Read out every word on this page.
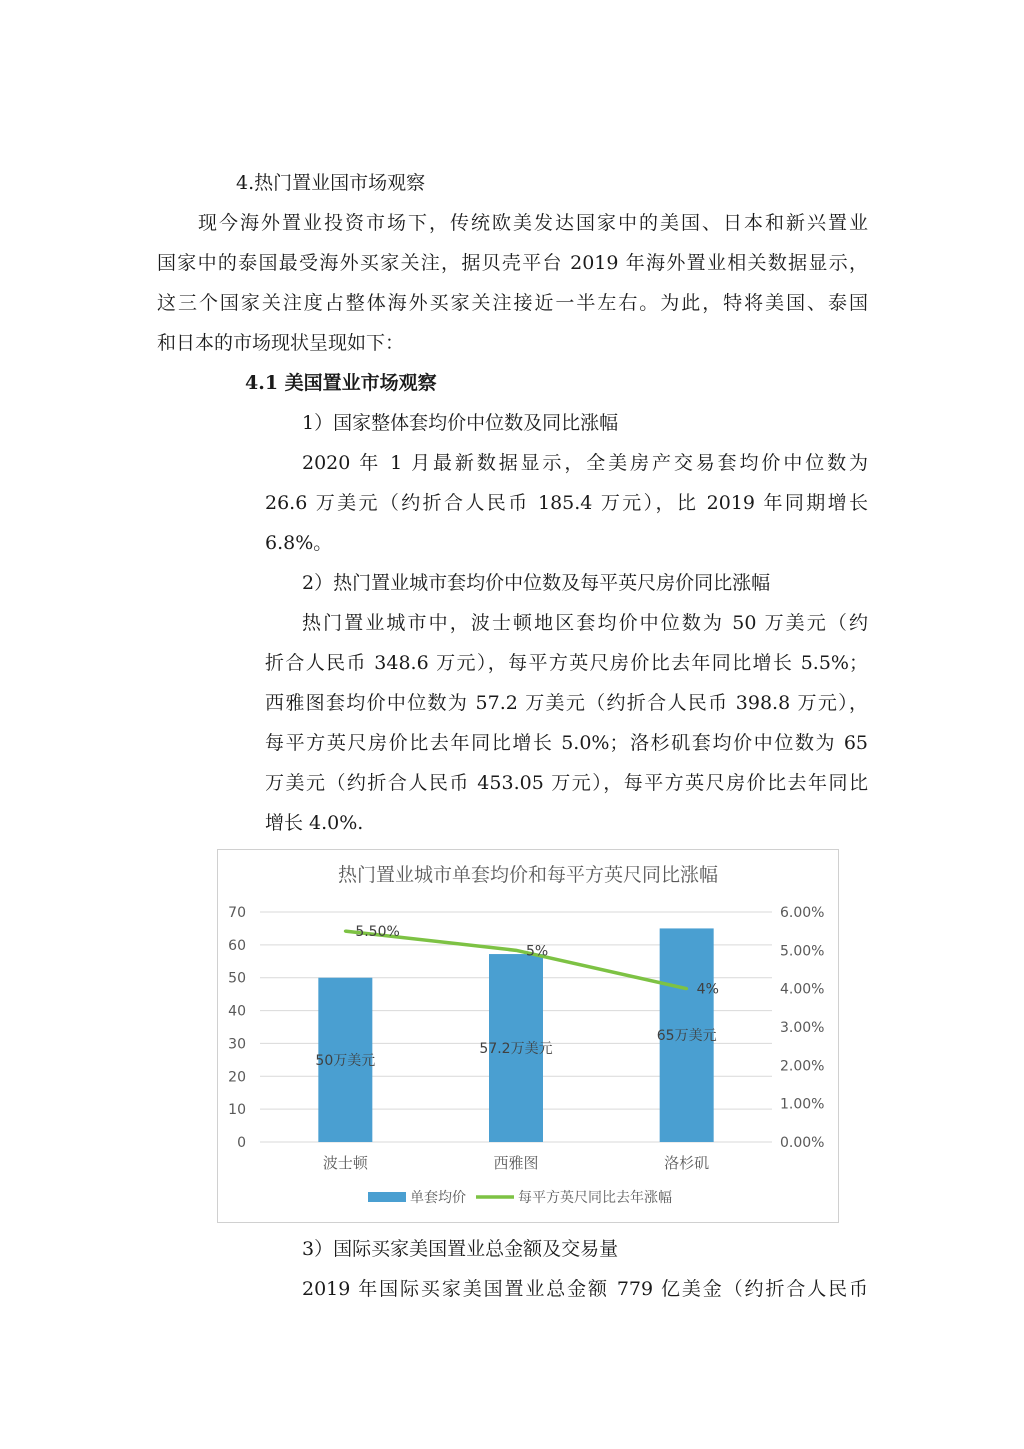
4.热门置业国市场观察
现今海外置业投资市场下，传统欧美发达国家中的美国、日本和新兴置业
国家中的泰国最受海外买家关注，据贝壳平台 2019 年海外置业相关数据显示，
这三个国家关注度占整体海外买家关注接近一半左右。为此，特将美国、泰国
和日本的市场现状呈现如下：
4.1 美国置业市场观察
1）国家整体套均价中位数及同比涨幅
2020 年 1 月最新数据显示，全美房产交易套均价中位数为
26.6 万美元（约折合人民币 185.4 万元），比 2019 年同期增长
6.8%。
2）热门置业城市套均价中位数及每平英尺房价同比涨幅
热门置业城市中，波士顿地区套均价中位数为 50 万美元（约
折合人民币 348.6 万元），每平方英尺房价比去年同比增长 5.5%；
西雅图套均价中位数为 57.2 万美元（约折合人民币 398.8 万元），
每平方英尺房价比去年同比增长 5.0%；洛杉矶套均价中位数为 65
万美元（约折合人民币 453.05 万元），每平方英尺房价比去年同比
增长 4.0%.
热门置业城市单套均价和每平方英尺同比涨幅
0
10
20
30
40
50
60
70
0.00%
1.00%
2.00%
3.00%
4.00%
5.00%
6.00%
50万美元
57.2万美元
65万美元
5.50%
5%
4%
波士顿	西雅图	洛杉矶
单套均价	每平方英尺同比去年涨幅
3）国际买家美国置业总金额及交易量
2019 年国际买家美国置业总金额 779 亿美金（约折合人民币
